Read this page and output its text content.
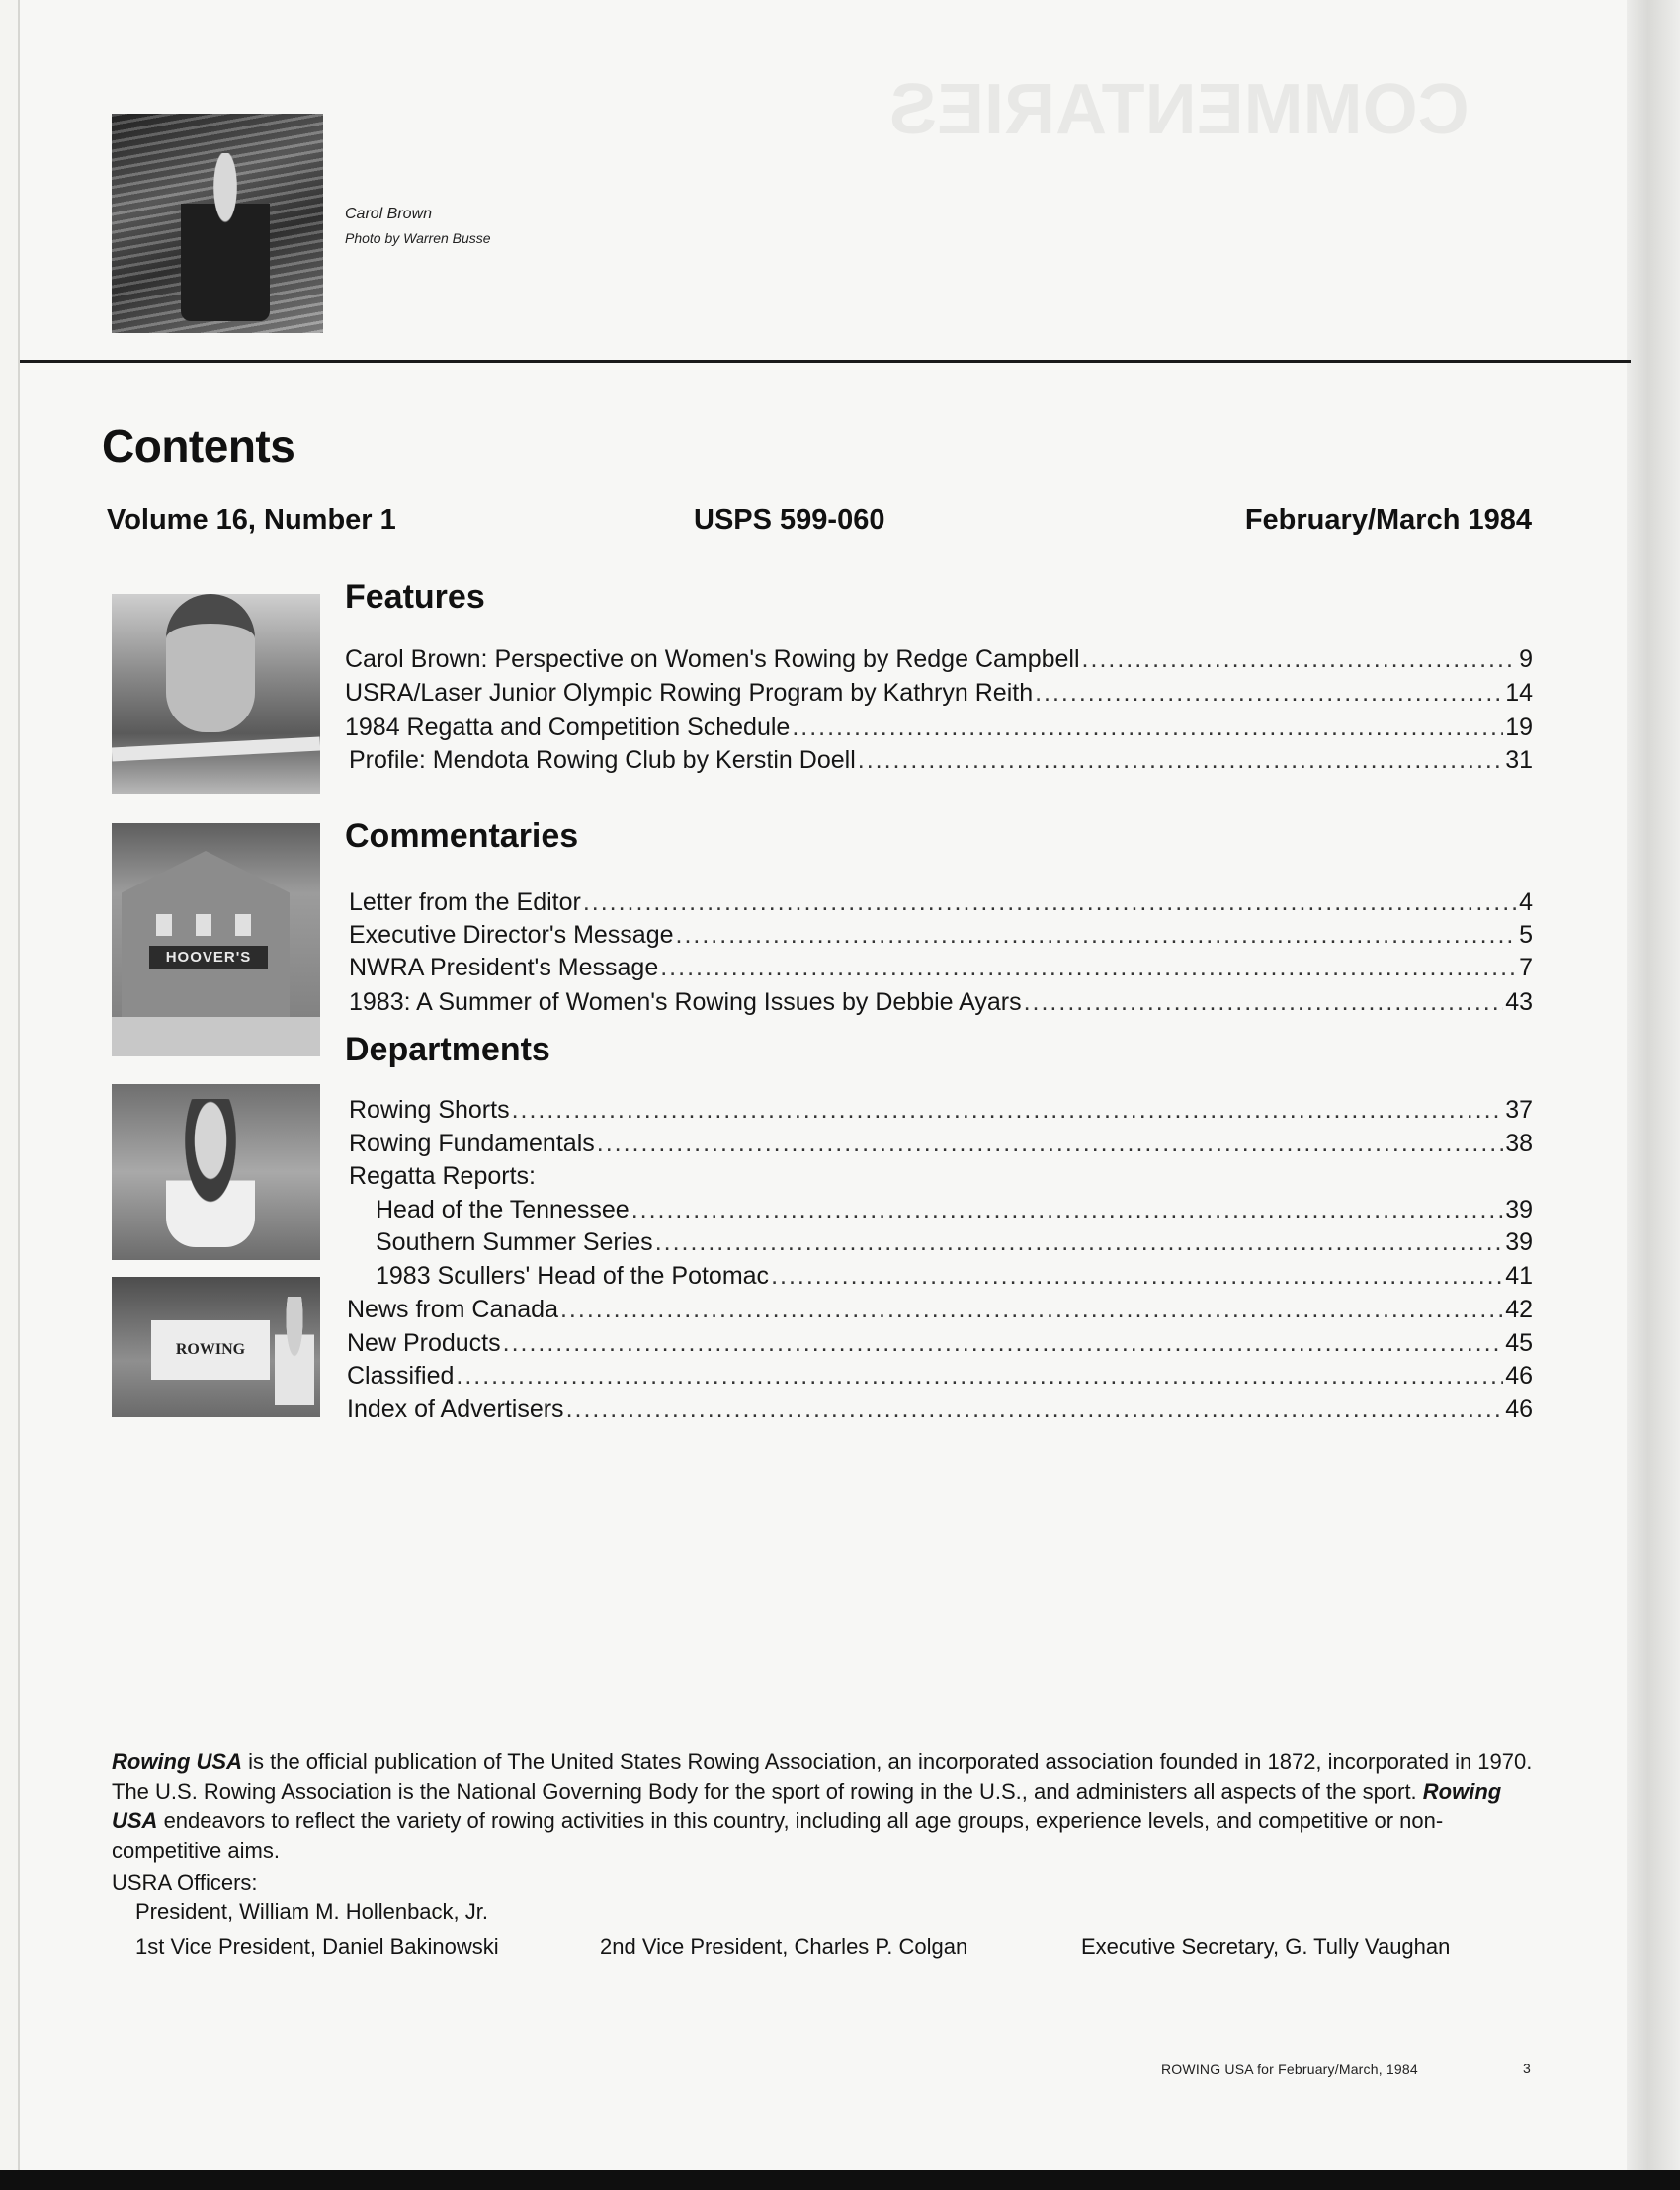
COMMENTARIES
Carol Brown
Photo by Warren Busse
Contents
Volume 16, Number 1	USPS 599-060	February/March 1984
Features
Carol Brown: Perspective on Women's Rowing by Redge Campbell .....	9
USRA/Laser Junior Olympic Rowing Program by Kathryn Reith .....	14
1984 Regatta and Competition Schedule .....	19
Profile: Mendota Rowing Club by Kerstin Doell .....	31
Commentaries
Letter from the Editor .....	4
Executive Director's Message .....	5
NWRA President's Message .....	7
1983: A Summer of Women's Rowing Issues by Debbie Ayars .....	43
Departments
Rowing Shorts .....	37
Rowing Fundamentals .....	38
Regatta Reports:
Head of the Tennessee .....	39
Southern Summer Series .....	39
1983 Scullers' Head of the Potomac .....	41
News from Canada .....	42
New Products .....	45
Classified .....	46
Index of Advertisers .....	46
HOOVER'S
ROWING
Rowing USA is the official publication of The United States Rowing Association, an incorporated association founded in 1872, incorporated in 1970. The U.S. Rowing Association is the National Governing Body for the sport of rowing in the U.S., and administers all aspects of the sport. Rowing USA endeavors to reflect the variety of rowing activities in this country, including all age groups, experience levels, and competitive or non-competitive aims.
USRA Officers:
President, William M. Hollenback, Jr.
1st Vice President, Daniel Bakinowski	2nd Vice President, Charles P. Colgan	Executive Secretary, G. Tully Vaughan
ROWING USA for February/March, 1984	3
